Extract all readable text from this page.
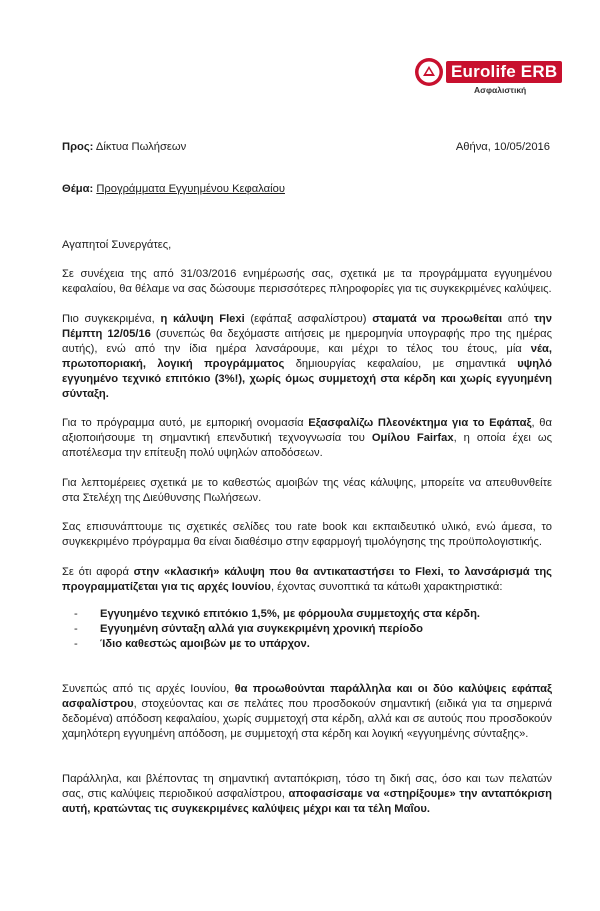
Eurolife ERB
Ασφαλιστική
Προς: Δίκτυα Πωλήσεων	Αθήνα, 10/05/2016
Θέμα: Προγράμματα Εγγυημένου Κεφαλαίου

Αγαπητοί Συνεργάτες,

Σε συνέχεια της από 31/03/2016 ενημέρωσής σας, σχετικά με τα προγράμματα εγγυημένου κεφαλαίου, θα θέλαμε να σας δώσουμε περισσότερες πληροφορίες για τις συγκεκριμένες καλύψεις.

Πιο συγκεκριμένα, η κάλυψη Flexi (εφάπαξ ασφαλίστρου) σταματά να προωθείται από την Πέμπτη 12/05/16 (συνεπώς θα δεχόμαστε αιτήσεις με ημερομηνία υπογραφής προ της ημέρας αυτής), ενώ από την ίδια ημέρα λανσάρουμε, και μέχρι το τέλος του έτους, μία νέα, πρωτοποριακή, λογική προγράμματος δημιουργίας κεφαλαίου, με σημαντικά υψηλό εγγυημένο τεχνικό επιτόκιο (3%!), χωρίς όμως συμμετοχή στα κέρδη και χωρίς εγγυημένη σύνταξη.

Για το πρόγραμμα αυτό, με εμπορική ονομασία Εξασφαλίζω Πλεονέκτημα για το Εφάπαξ, θα αξιοποιήσουμε τη σημαντική επενδυτική τεχνογνωσία του Ομίλου Fairfax, η οποία έχει ως αποτέλεσμα την επίτευξη πολύ υψηλών αποδόσεων.

Για λεπτομέρειες σχετικά με το καθεστώς αμοιβών της νέας κάλυψης, μπορείτε να απευθυνθείτε στα Στελέχη της Διεύθυνσης Πωλήσεων.

Σας επισυνάπτουμε τις σχετικές σελίδες του rate book και εκπαιδευτικό υλικό, ενώ άμεσα, το συγκεκριμένο πρόγραμμα θα είναι διαθέσιμο στην εφαρμογή τιμολόγησης της προϋπολογιστικής.

Σε ότι αφορά στην «κλασική» κάλυψη που θα αντικαταστήσει το Flexi, το λανσάρισμά της προγραμματίζεται για τις αρχές Ιουνίου, έχοντας συνοπτικά τα κάτωθι χαρακτηριστικά:

- Εγγυημένο τεχνικό επιτόκιο 1,5%, με φόρμουλα συμμετοχής στα κέρδη.
- Εγγυημένη σύνταξη αλλά για συγκεκριμένη χρονική περίοδο
- Ίδιο καθεστώς αμοιβών με το υπάρχον.

Συνεπώς από τις αρχές Ιουνίου, θα προωθούνται παράλληλα και οι δύο καλύψεις εφάπαξ ασφαλίστρου, στοχεύοντας και σε πελάτες που προσδοκούν σημαντική (ειδικά για τα σημερινά δεδομένα) απόδοση κεφαλαίου, χωρίς συμμετοχή στα κέρδη, αλλά και σε αυτούς που προσδοκούν χαμηλότερη εγγυημένη απόδοση, με συμμετοχή στα κέρδη και λογική «εγγυημένης σύνταξης».

Παράλληλα, και βλέποντας τη σημαντική ανταπόκριση, τόσο τη δική σας, όσο και των πελατών σας, στις καλύψεις περιοδικού ασφαλίστρου, αποφασίσαμε να «στηρίξουμε» την ανταπόκριση αυτή, κρατώντας τις συγκεκριμένες καλύψεις μέχρι και τα τέλη Μαΐου.
